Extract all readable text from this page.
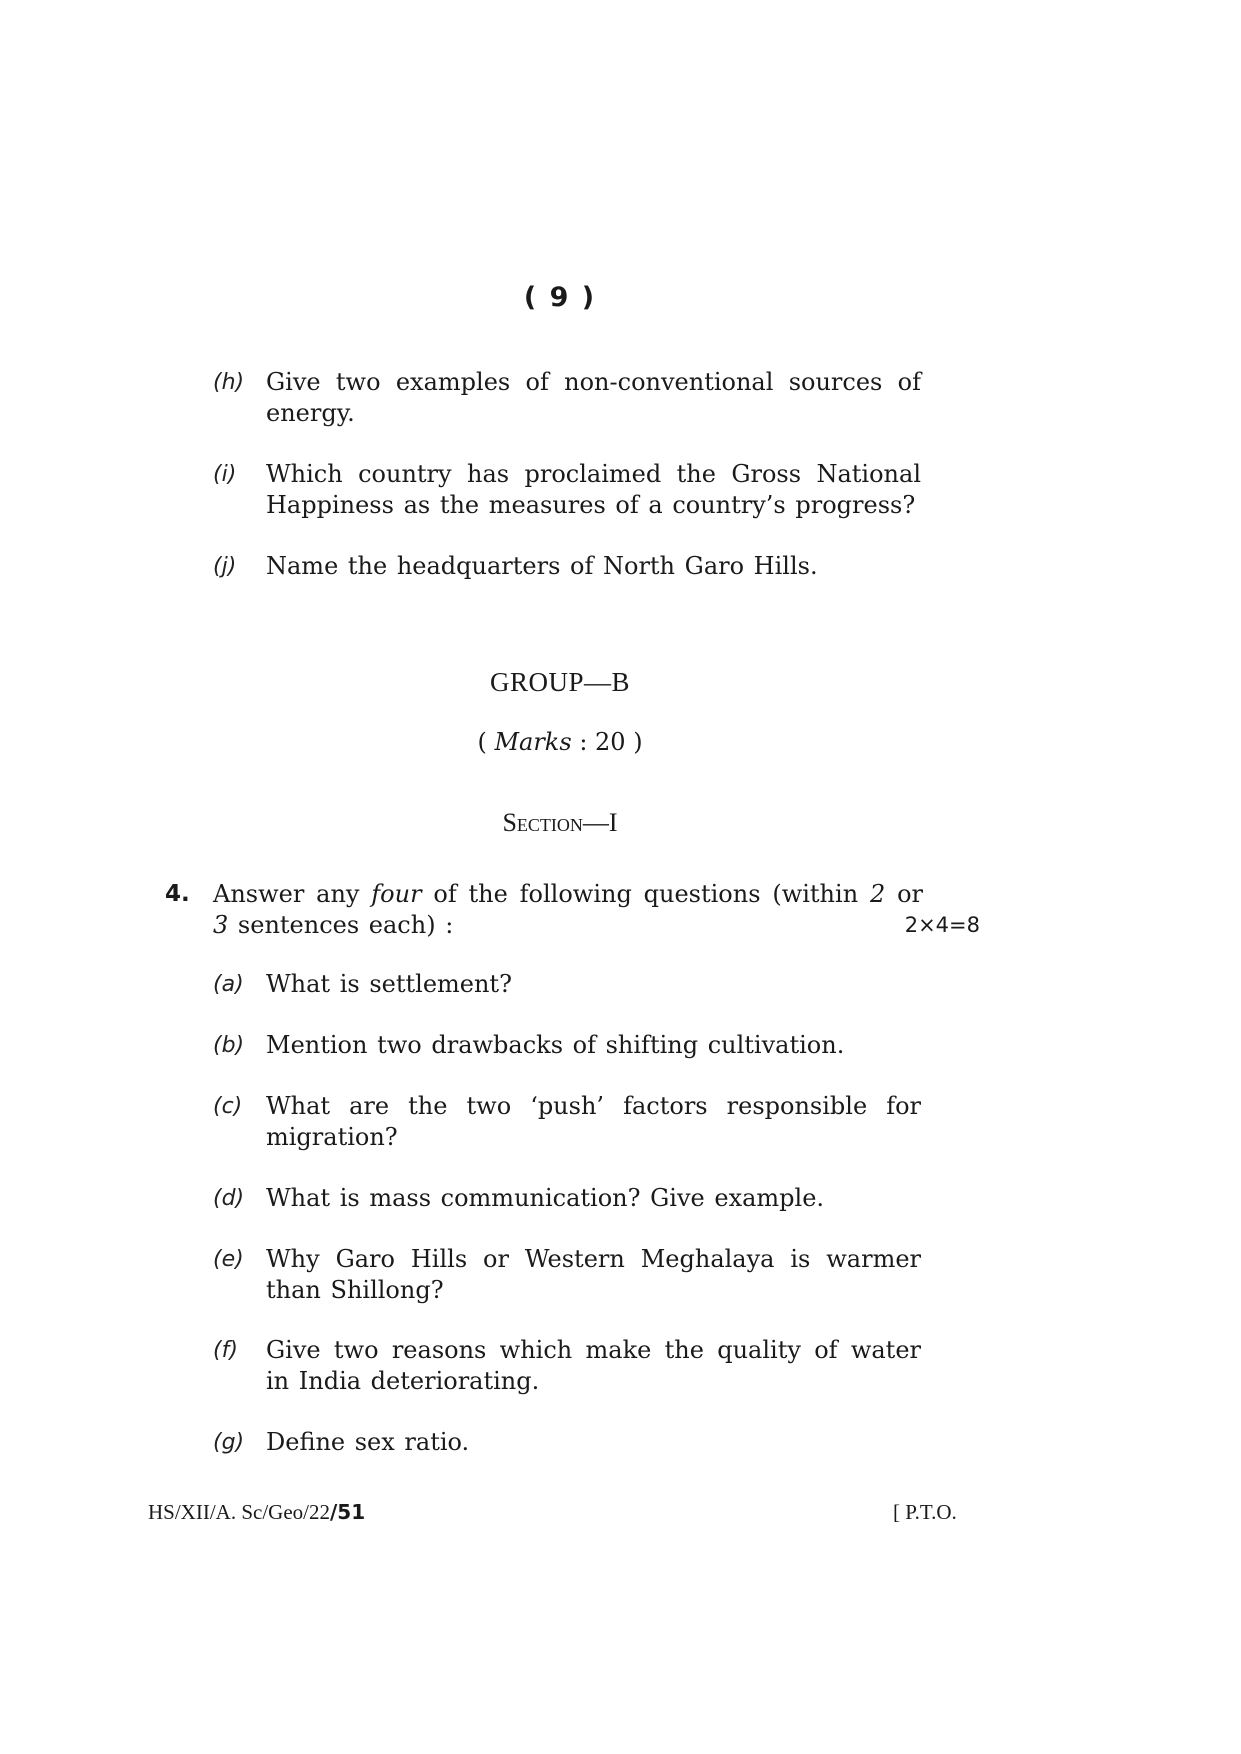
( 9 )
(h) Give two examples of non-conventional sources of energy.
(i) Which country has proclaimed the Gross National Happiness as the measures of a country’s progress?
(j) Name the headquarters of North Garo Hills.
GROUP—B
( Marks : 20 )
Section—I
4. Answer any four of the following questions (within 2 or 3 sentences each) :	2×4=8
(a) What is settlement?
(b) Mention two drawbacks of shifting cultivation.
(c) What are the two ‘push’ factors responsible for migration?
(d) What is mass communication? Give example.
(e) Why Garo Hills or Western Meghalaya is warmer than Shillong?
(f) Give two reasons which make the quality of water in India deteriorating.
(g) Define sex ratio.
HS/XII/A. Sc/Geo/22/51	[ P.T.O.
